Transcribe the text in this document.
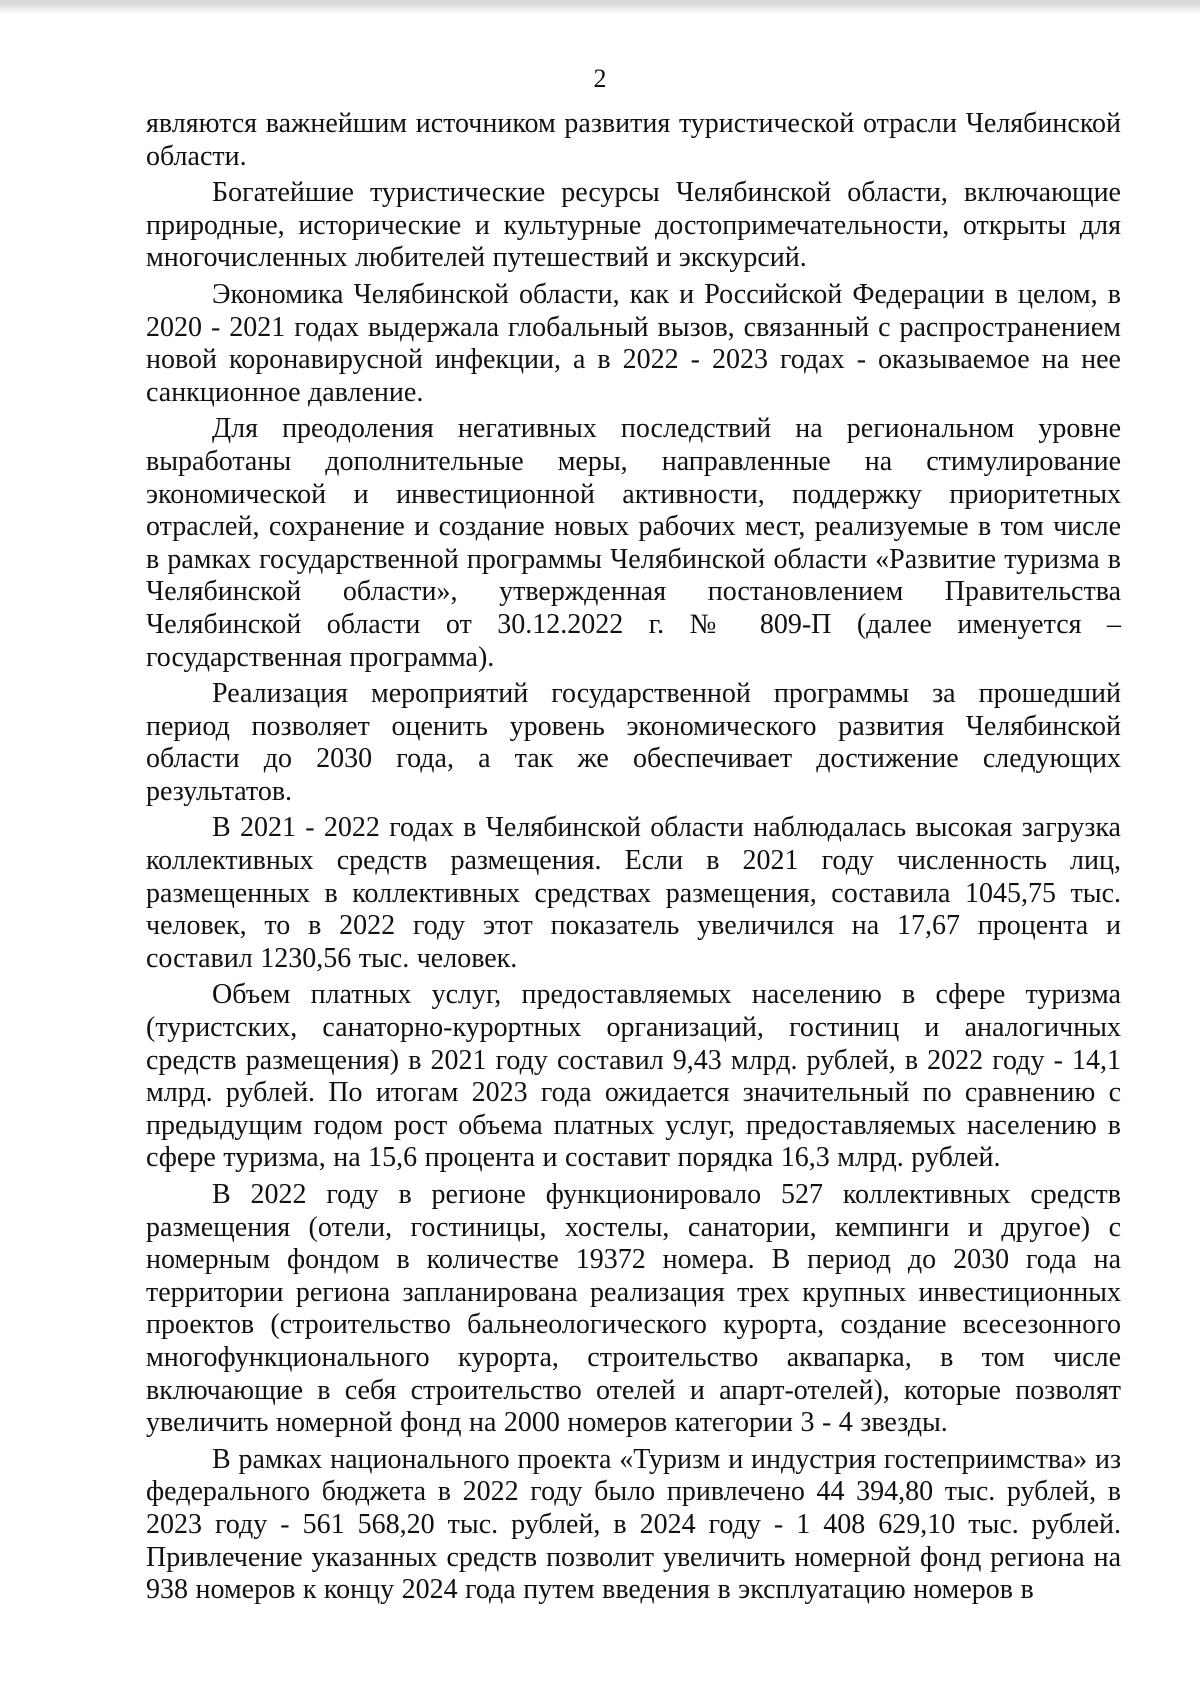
2

являются важнейшим источником развития туристической отрасли Челябинской области.

Богатейшие туристические ресурсы Челябинской области, включающие природные, исторические и культурные достопримечательности, открыты для многочисленных любителей путешествий и экскурсий.

Экономика Челябинской области, как и Российской Федерации в целом, в 2020 - 2021 годах выдержала глобальный вызов, связанный с распространением новой коронавирусной инфекции, а в 2022 - 2023 годах - оказываемое на нее санкционное давление.

Для преодоления негативных последствий на региональном уровне выработаны дополнительные меры, направленные на стимулирование экономической и инвестиционной активности, поддержку приоритетных отраслей, сохранение и создание новых рабочих мест, реализуемые в том числе в рамках государственной программы Челябинской области «Развитие туризма в Челябинской области», утвержденная постановлением Правительства Челябинской области от 30.12.2022 г. № 809-П (далее именуется – государственная программа).

Реализация мероприятий государственной программы за прошедший период позволяет оценить уровень экономического развития Челябинской области до 2030 года, а так же обеспечивает достижение следующих результатов.

В 2021 - 2022 годах в Челябинской области наблюдалась высокая загрузка коллективных средств размещения. Если в 2021 году численность лиц, размещенных в коллективных средствах размещения, составила 1045,75 тыс. человек, то в 2022 году этот показатель увеличился на 17,67 процента и составил 1230,56 тыс. человек.

Объем платных услуг, предоставляемых населению в сфере туризма (туристских, санаторно-курортных организаций, гостиниц и аналогичных средств размещения) в 2021 году составил 9,43 млрд. рублей, в 2022 году - 14,1 млрд. рублей. По итогам 2023 года ожидается значительный по сравнению с предыдущим годом рост объема платных услуг, предоставляемых населению в сфере туризма, на 15,6 процента и составит порядка 16,3 млрд. рублей.

В 2022 году в регионе функционировало 527 коллективных средств размещения (отели, гостиницы, хостелы, санатории, кемпинги и другое) с номерным фондом в количестве 19372 номера. В период до 2030 года на территории региона запланирована реализация трех крупных инвестиционных проектов (строительство бальнеологического курорта, создание всесезонного многофункционального курорта, строительство аквапарка, в том числе включающие в себя строительство отелей и апарт-отелей), которые позволят увеличить номерной фонд на 2000 номеров категории 3 - 4 звезды.

В рамках национального проекта «Туризм и индустрия гостеприимства» из федерального бюджета в 2022 году было привлечено 44 394,80 тыс. рублей, в 2023 году - 561 568,20 тыс. рублей, в 2024 году - 1 408 629,10 тыс. рублей. Привлечение указанных средств позволит увеличить номерной фонд региона на 938 номеров к концу 2024 года путем введения в эксплуатацию номеров в
